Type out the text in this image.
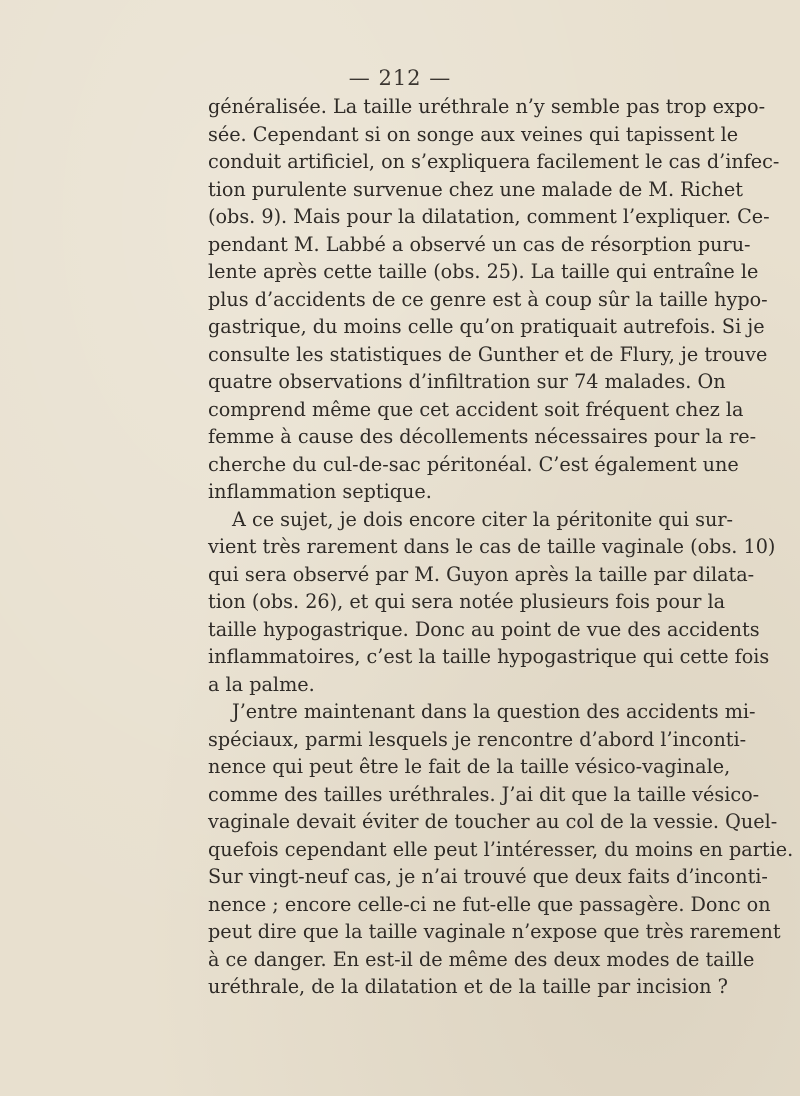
— 212 —
généralisée. La taille uréthrale n’y semble pas trop expo-
sée. Cependant si on songe aux veines qui tapissent le
conduit artificiel, on s’expliquera facilement le cas d’infec-
tion purulente survenue chez une malade de M. Richet
(obs. 9). Mais pour la dilatation, comment l’expliquer. Ce-
pendant M. Labbé a observé un cas de résorption puru-
lente après cette taille (obs. 25). La taille qui entraîne le
plus d’accidents de ce genre est à coup sûr la taille hypo-
gastrique, du moins celle qu’on pratiquait autrefois. Si je
consulte les statistiques de Gunther et de Flury, je trouve
quatre observations d’infiltration sur 74 malades. On
comprend même que cet accident soit fréquent chez la
femme à cause des décollements nécessaires pour la re-
cherche du cul-de-sac péritonéal. C’est également une
inflammation septique.
A ce sujet, je dois encore citer la péritonite qui sur-
vient très rarement dans le cas de taille vaginale (obs. 10)
qui sera observé par M. Guyon après la taille par dilata-
tion (obs. 26), et qui sera notée plusieurs fois pour la
taille hypogastrique. Donc au point de vue des accidents
inflammatoires, c’est la taille hypogastrique qui cette fois
a la palme.
J’entre maintenant dans la question des accidents mi-
spéciaux, parmi lesquels je rencontre d’abord l’inconti-
nence qui peut être le fait de la taille vésico-vaginale,
comme des tailles uréthrales. J’ai dit que la taille vésico-
vaginale devait éviter de toucher au col de la vessie. Quel-
quefois cependant elle peut l’intéresser, du moins en partie.
Sur vingt-neuf cas, je n’ai trouvé que deux faits d’inconti-
nence ; encore celle-ci ne fut-elle que passagère. Donc on
peut dire que la taille vaginale n’expose que très rarement
à ce danger. En est-il de même des deux modes de taille
uréthrale, de la dilatation et de la taille par incision ?
